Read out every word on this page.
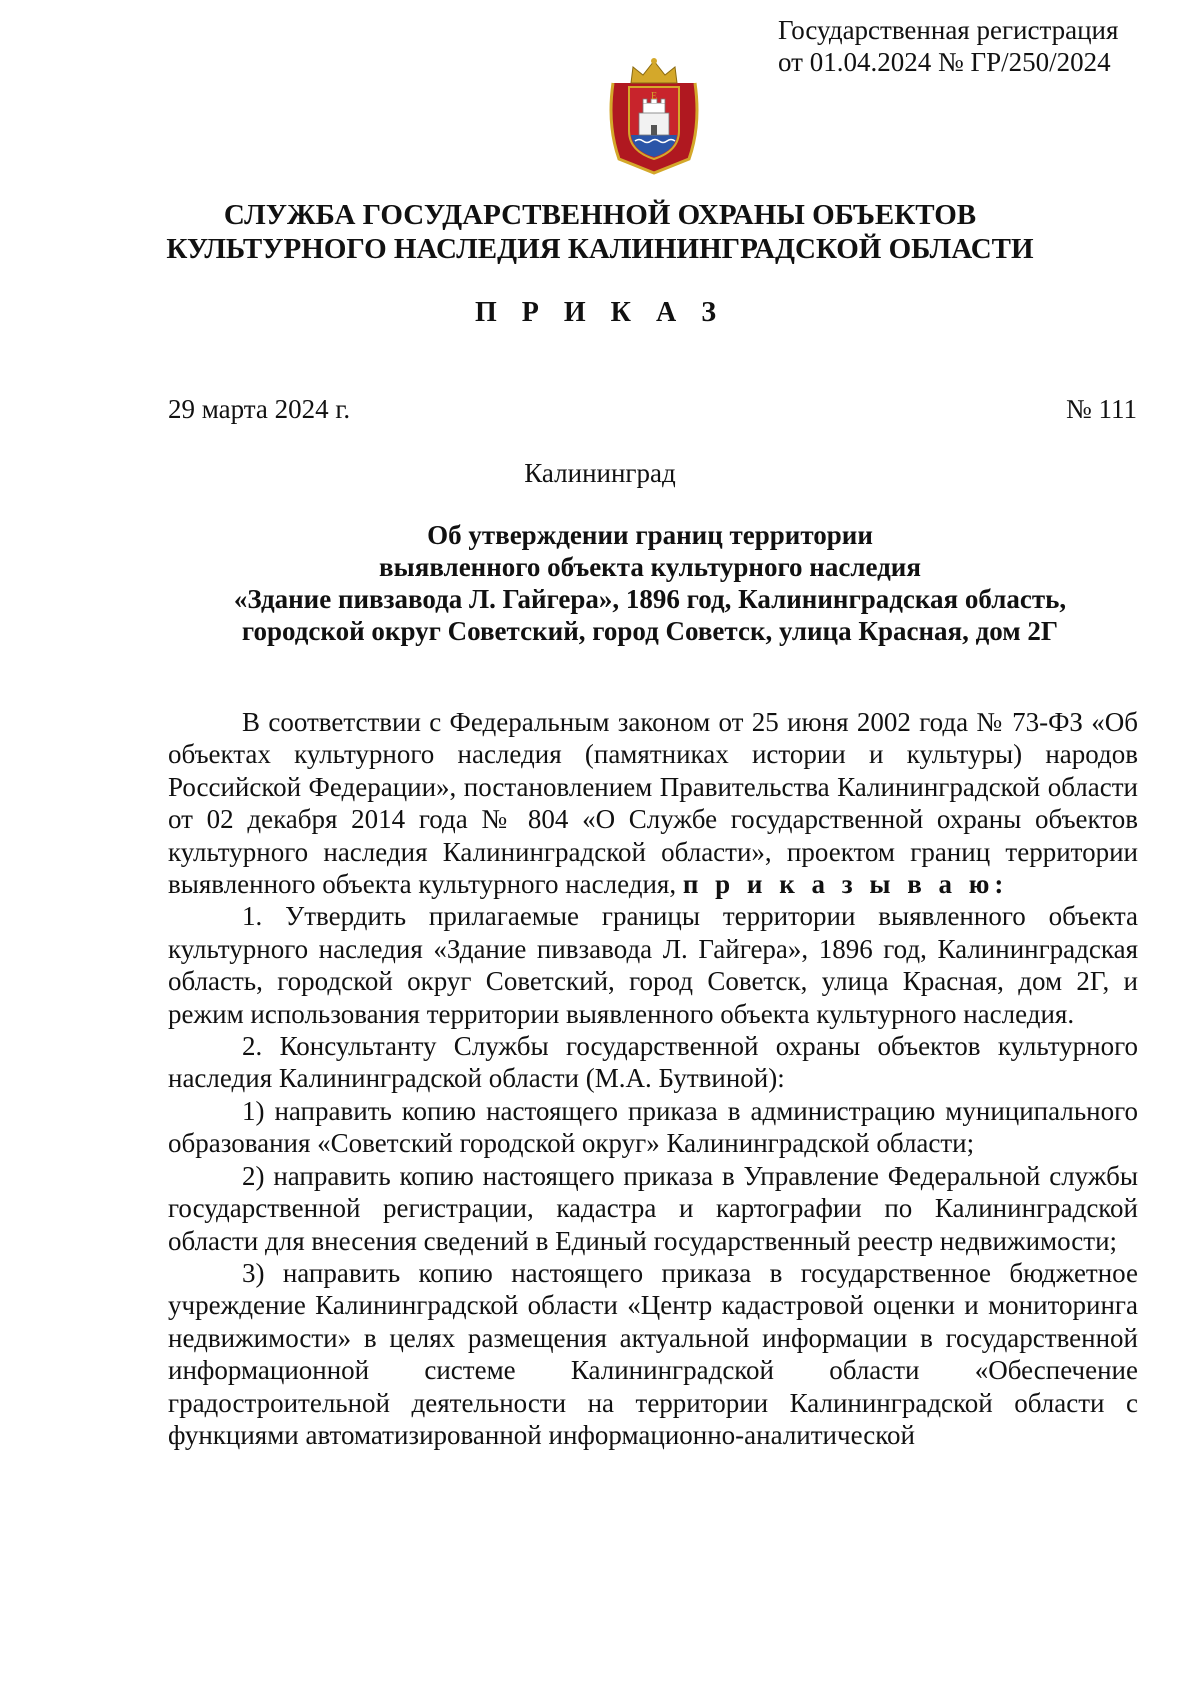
Государственная регистрация
от 01.04.2024 № ГР/250/2024
Е
СЛУЖБА ГОСУДАРСТВЕННОЙ ОХРАНЫ ОБЪЕКТОВ
КУЛЬТУРНОГО НАСЛЕДИЯ КАЛИНИНГРАДСКОЙ ОБЛАСТИ
П Р И К А З
29 марта 2024 г.	№ 111
Калининград
Об утверждении границ территории
выявленного объекта культурного наследия
«Здание пивзавода Л. Гайгера», 1896 год, Калининградская область,
городской округ Советский, город Советск, улица Красная, дом 2Г

В соответствии с Федеральным законом от 25 июня 2002 года № 73-ФЗ «Об объектах культурного наследия (памятниках истории и культуры) народов Российской Федерации», постановлением Правительства Калининградской области от 02 декабря 2014 года № 804 «О Службе государственной охраны объектов культурного наследия Калининградской области», проектом границ территории выявленного объекта культурного наследия, п р и к а з ы в а ю:

1. Утвердить прилагаемые границы территории выявленного объекта культурного наследия «Здание пивзавода Л. Гайгера», 1896 год, Калининградская область, городской округ Советский, город Советск, улица Красная, дом 2Г, и режим использования территории выявленного объекта культурного наследия.

2. Консультанту Службы государственной охраны объектов культурного наследия Калининградской области (М.А. Бутвиной):

1) направить копию настоящего приказа в администрацию муниципального образования «Советский городской округ» Калининградской области;

2) направить копию настоящего приказа в Управление Федеральной службы государственной регистрации, кадастра и картографии по Калининградской области для внесения сведений в Единый государственный реестр недвижимости;

3) направить копию настоящего приказа в государственное бюджетное учреждение Калининградской области «Центр кадастровой оценки и мониторинга недвижимости» в целях размещения актуальной информации в государственной информационной системе Калининградской области «Обеспечение градостроительной деятельности на территории Калининградской области с функциями автоматизированной информационно-аналитической
